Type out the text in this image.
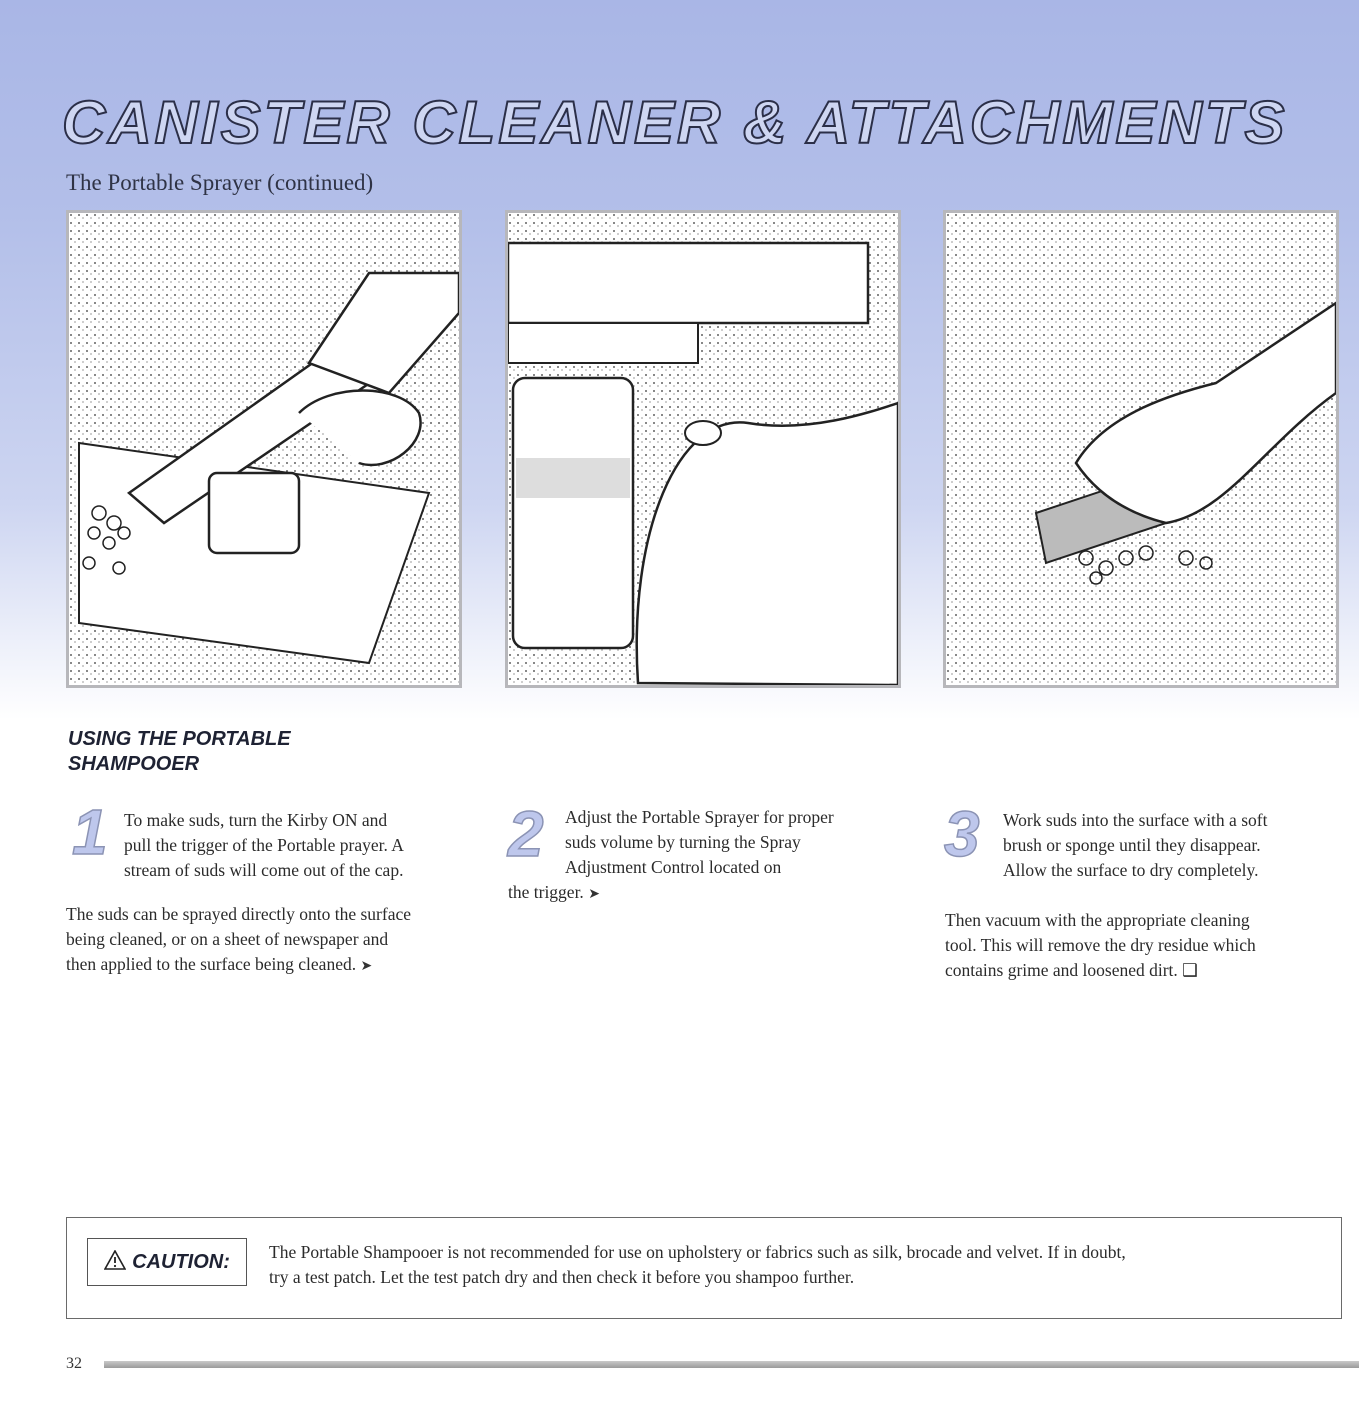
CANISTER CLEANER & ATTACHMENTS
The Portable Sprayer (continued)
USING THE PORTABLE
SHAMPOOER
1 To make suds, turn the Kirby ON and
pull the trigger of the Portable prayer. A
stream of suds will come out of the cap.
The suds can be sprayed directly onto the surface
being cleaned, or on a sheet of newspaper and
then applied to the surface being cleaned. ➤
2 Adjust the Portable Sprayer for proper
suds volume by turning the Spray
Adjustment Control located on
the trigger. ➤
3 Work suds into the surface with a soft
brush or sponge until they disappear.
Allow the surface to dry completely.
Then vacuum with the appropriate cleaning
tool. This will remove the dry residue which
contains grime and loosened dirt. ❑
CAUTION: The Portable Shampooer is not recommended for use on upholstery or fabrics such as silk, brocade and velvet. If in doubt,
try a test patch. Let the test patch dry and then check it before you shampoo further.
32
